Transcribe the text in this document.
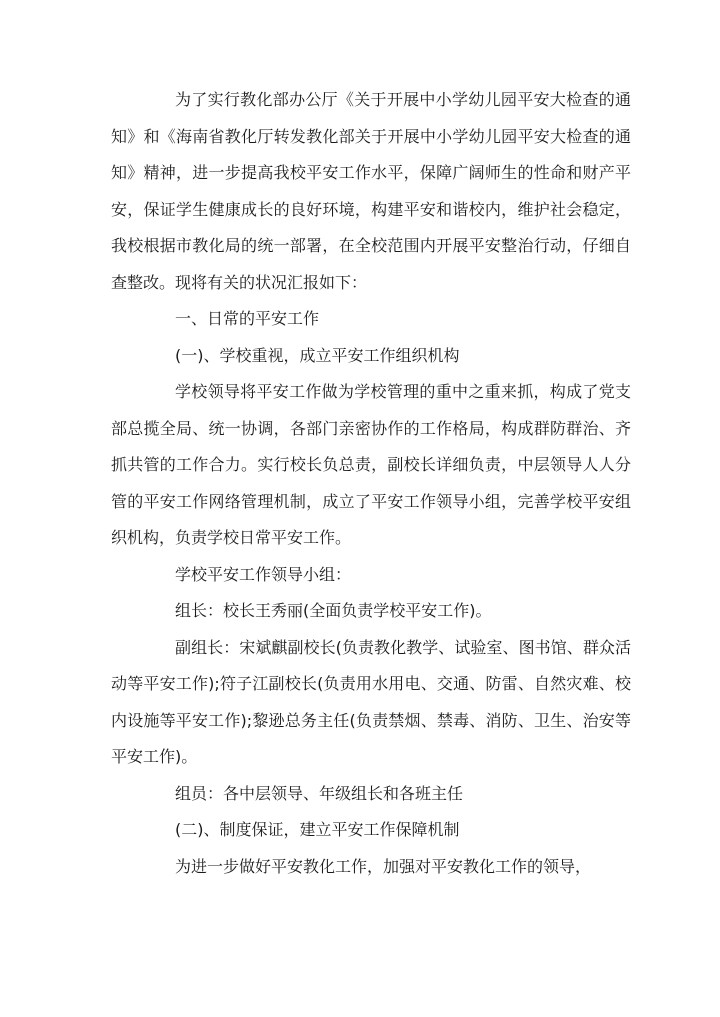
为了实行教化部办公厅《关于开展中小学幼儿园平安大检查的通知》和《海南省教化厅转发教化部关于开展中小学幼儿园平安大检查的通知》精神，进一步提高我校平安工作水平，保障广阔师生的性命和财产平安，保证学生健康成长的良好环境，构建平安和谐校内，维护社会稳定，我校根据市教化局的统一部署，在全校范围内开展平安整治行动，仔细自查整改。现将有关的状况汇报如下：

一、日常的平安工作

(一)、学校重视，成立平安工作组织机构

学校领导将平安工作做为学校管理的重中之重来抓，构成了党支部总揽全局、统一协调，各部门亲密协作的工作格局，构成群防群治、齐抓共管的工作合力。实行校长负总责，副校长详细负责，中层领导人人分管的平安工作网络管理机制，成立了平安工作领导小组，完善学校平安组织机构，负责学校日常平安工作。

学校平安工作领导小组：

组长：校长王秀丽(全面负责学校平安工作)。

副组长：宋斌麒副校长(负责教化教学、试验室、图书馆、群众活动等平安工作);符子江副校长(负责用水用电、交通、防雷、自然灾难、校内设施等平安工作);黎逊总务主任(负责禁烟、禁毒、消防、卫生、治安等平安工作)。

组员：各中层领导、年级组长和各班主任

(二)、制度保证，建立平安工作保障机制

为进一步做好平安教化工作，加强对平安教化工作的领导，
